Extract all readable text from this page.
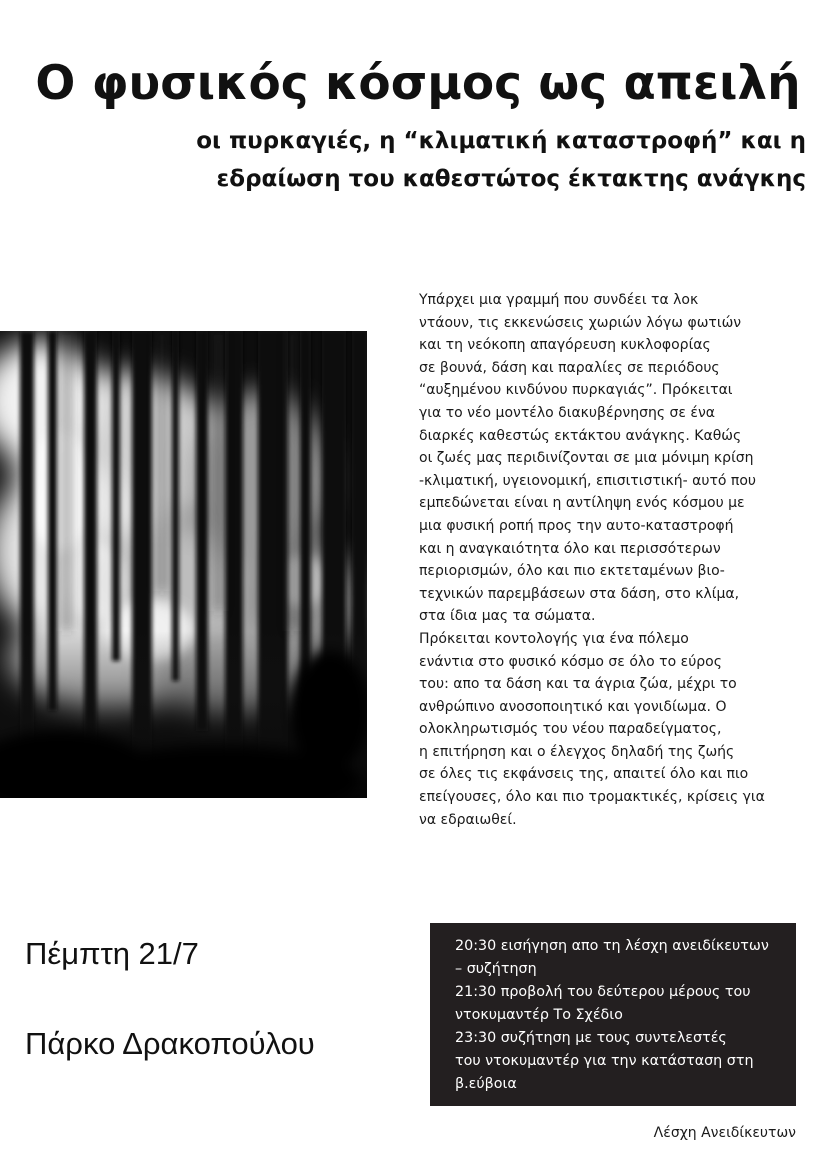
Ο φυσικός κόσμος ως απειλή
οι πυρκαγιές, η “κλιματική καταστροφή” και η
εδραίωση του καθεστώτος έκτακτης ανάγκης
Υπάρχει μια γραμμή που συνδέει τα λοκ
ντάουν, τις εκκενώσεις χωριών λόγω φωτιών
και τη νεόκοπη απαγόρευση κυκλοφορίας
σε βουνά, δάση και παραλίες σε περιόδους
“αυξημένου κινδύνου πυρκαγιάς”. Πρόκειται
για το νέο μοντέλο διακυβέρνησης σε ένα
διαρκές καθεστώς εκτάκτου ανάγκης. Καθώς
οι ζωές μας περιδινίζονται σε μια μόνιμη κρίση
-κλιματική, υγειονομική, επισιτιστική- αυτό που
εμπεδώνεται είναι η αντίληψη ενός κόσμου με
μια φυσική ροπή προς την αυτο-καταστροφή
και η αναγκαιότητα όλο και περισσότερων
περιορισμών, όλο και πιο εκτεταμένων βιο-
τεχνικών παρεμβάσεων στα δάση, στο κλίμα,
στα ίδια μας τα σώματα.
Πρόκειται κοντολογής για ένα πόλεμο
ενάντια στο φυσικό κόσμο σε όλο το εύρος
του: απο τα δάση και τα άγρια ζώα, μέχρι το
ανθρώπινο ανοσοποιητικό και γονιδίωμα. Ο
ολοκληρωτισμός του νέου παραδείγματος,
η επιτήρηση και ο έλεγχος δηλαδή της ζωής
σε όλες τις εκφάνσεις της, απαιτεί όλο και πιο
επείγουσες, όλο και πιο τρομακτικές, κρίσεις για
να εδραιωθεί.
Πέμπτη 21/7
Πάρκο Δρακοπούλου
20:30 εισήγηση απο τη λέσχη ανειδίκευτων
– συζήτηση
21:30 προβολή του δεύτερου μέρους του
ντοκυμαντέρ Το Σχέδιο
23:30 συζήτηση με τους συντελεστές
του ντοκυμαντέρ για την κατάσταση στη
β.εύβοια
Λέσχη Ανειδίκευτων
